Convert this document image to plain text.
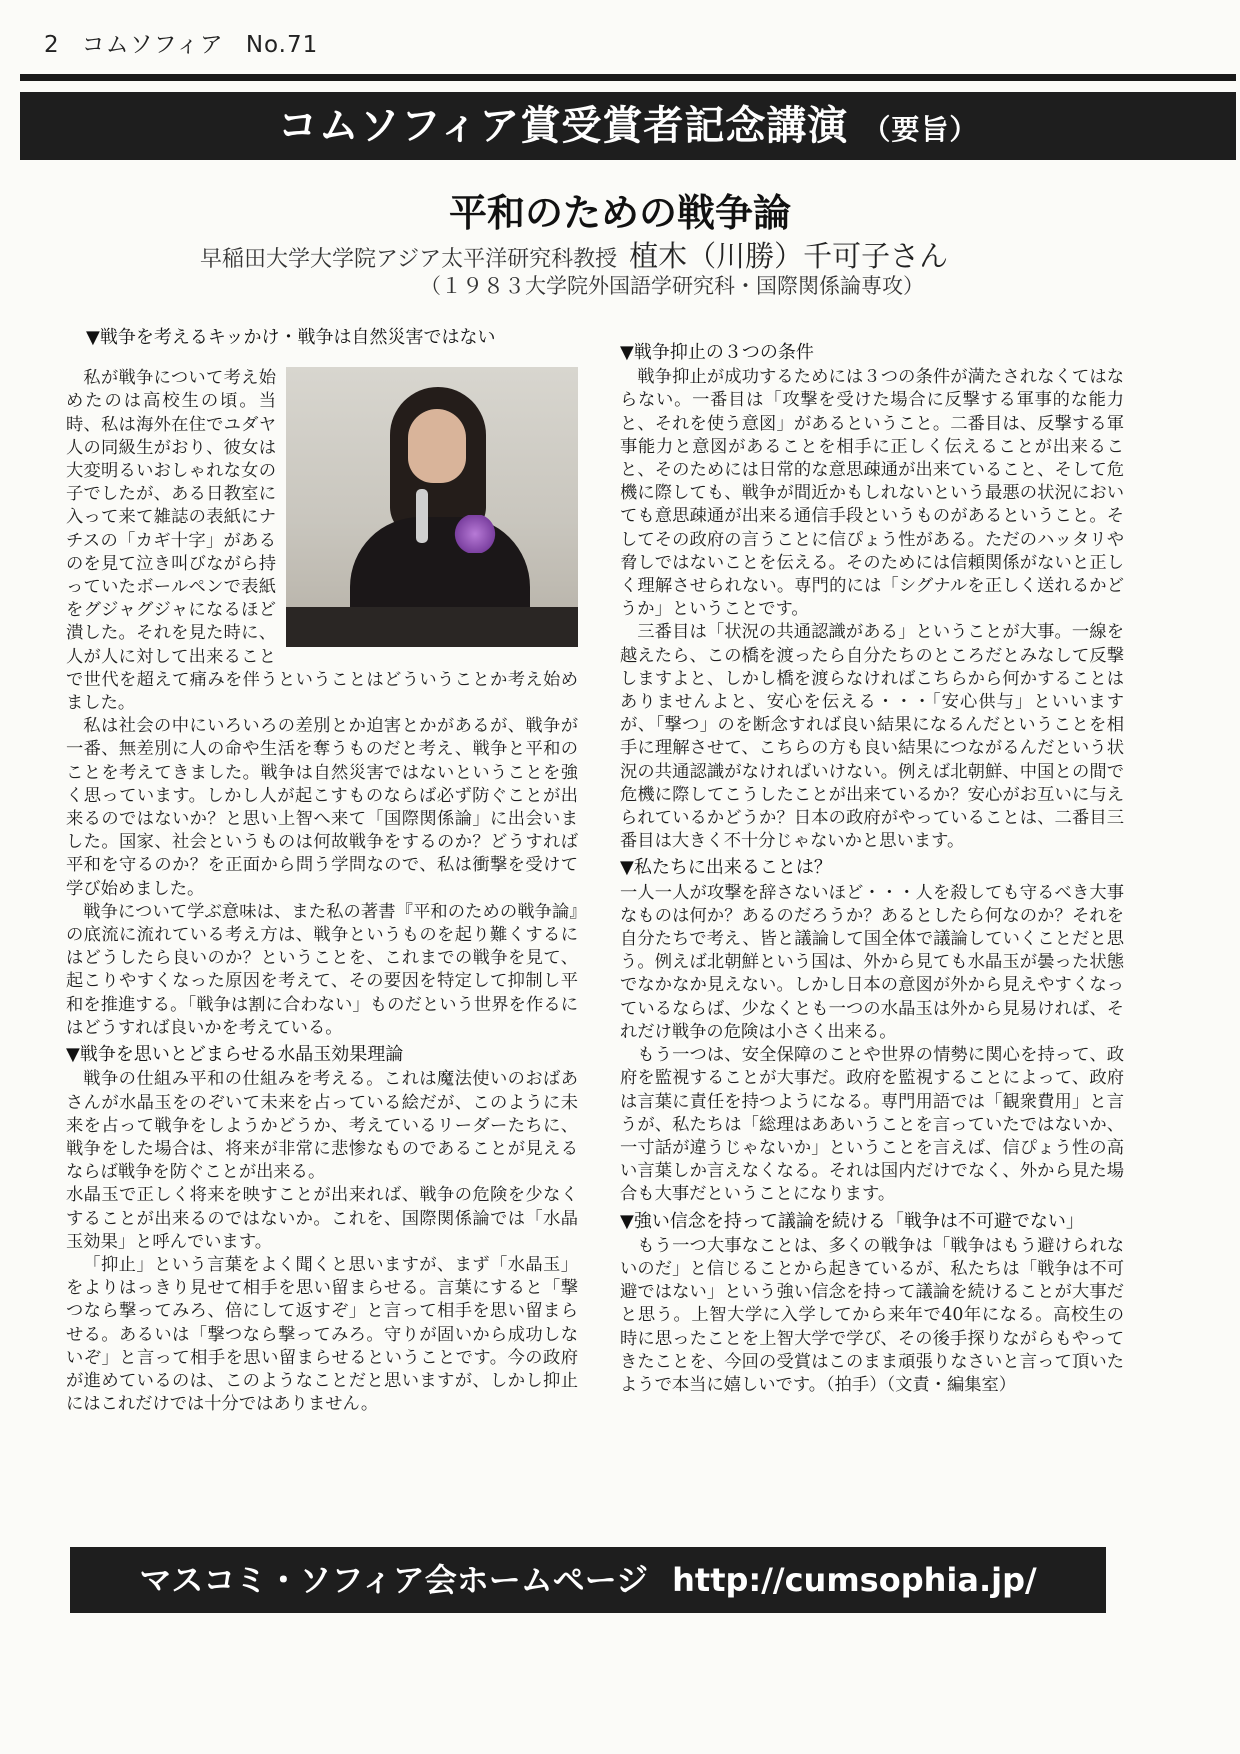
2 コムソフィア No.71
コムソフィア賞受賞者記念講演 （要旨）
平和のための戦争論
早稲田大学大学院アジア太平洋研究科教授 植木（川勝）千可子さん
（１９８３大学院外国語学研究科・国際関係論専攻）
▼戦争を考えるキッかけ・戦争は自然災害ではない

私が戦争について考え始めたのは高校生の頃。当時、私は海外在住でユダヤ人の同級生がおり、彼女は大変明るいおしゃれな女の子でしたが、ある日教室に入って来て雑誌の表紙にナチスの「カギ十字」があるのを見て泣き叫びながら持っていたボールペンで表紙をグジャグジャになるほど潰した。それを見た時に、人が人に対して出来ることで世代を超えて痛みを伴うということはどういうことか考え始めました。

私は社会の中にいろいろの差別とか迫害とかがあるが、戦争が一番、無差別に人の命や生活を奪うものだと考え、戦争と平和のことを考えてきました。戦争は自然災害ではないということを強く思っています。しかし人が起こすものならば必ず防ぐことが出来るのではないか？と思い上智へ来て「国際関係論」に出会いました。国家、社会というものは何故戦争をするのか？どうすれば平和を守るのか？を正面から問う学問なので、私は衝撃を受けて学び始めました。

戦争について学ぶ意味は、また私の著書『平和のための戦争論』の底流に流れている考え方は、戦争というものを起り難くするにはどうしたら良いのか？ということを、これまでの戦争を見て、起こりやすくなった原因を考えて、その要因を特定して抑制し平和を推進する。「戦争は割に合わない」ものだという世界を作るにはどうすれば良いかを考えている。

▼戦争を思いとどまらせる水晶玉効果理論

戦争の仕組み平和の仕組みを考える。これは魔法使いのおばあさんが水晶玉をのぞいて未来を占っている絵だが、このように未来を占って戦争をしようかどうか、考えているリーダーたちに、戦争をした場合は、将来が非常に悲惨なものであることが見えるならば戦争を防ぐことが出来る。

水晶玉で正しく将来を映すことが出来れば、戦争の危険を少なくすることが出来るのではないか。これを、国際関係論では「水晶玉効果」と呼んでいます。

「抑止」という言葉をよく聞くと思いますが、まず「水晶玉」をよりはっきり見せて相手を思い留まらせる。言葉にすると「撃つなら撃ってみろ、倍にして返すぞ」と言って相手を思い留まらせる。あるいは「撃つなら撃ってみろ。守りが固いから成功しないぞ」と言って相手を思い留まらせるということです。今の政府が進めているのは、このようなことだと思いますが、しかし抑止にはこれだけでは十分ではありません。

▼戦争抑止の３つの条件

戦争抑止が成功するためには３つの条件が満たされなくてはならない。一番目は「攻撃を受けた場合に反撃する軍事的な能力と、それを使う意図」があるということ。二番目は、反撃する軍事能力と意図があることを相手に正しく伝えることが出来ること、そのためには日常的な意思疎通が出来ていること、そして危機に際しても、戦争が間近かもしれないという最悪の状況においても意思疎通が出来る通信手段というものがあるということ。そしてその政府の言うことに信ぴょう性がある。ただのハッタリや脅しではないことを伝える。そのためには信頼関係がないと正しく理解させられない。専門的には「シグナルを正しく送れるかどうか」ということです。

三番目は「状況の共通認識がある」ということが大事。一線を越えたら、この橋を渡ったら自分たちのところだとみなして反撃しますよと、しかし橋を渡らなければこちらから何かすることはありませんよと、安心を伝える・・・「安心供与」といいますが、「撃つ」のを断念すれば良い結果になるんだということを相手に理解させて、こちらの方も良い結果につながるんだという状況の共通認識がなければいけない。例えば北朝鮮、中国との間で危機に際してこうしたことが出来ているか？安心がお互いに与えられているかどうか？日本の政府がやっていることは、二番目三番目は大きく不十分じゃないかと思います。

▼私たちに出来ることは？

一人一人が攻撃を辞さないほど・・・人を殺しても守るべき大事なものは何か？あるのだろうか？あるとしたら何なのか？それを自分たちで考え、皆と議論して国全体で議論していくことだと思う。例えば北朝鮮という国は、外から見ても水晶玉が曇った状態でなかなか見えない。しかし日本の意図が外から見えやすくなっているならば、少なくとも一つの水晶玉は外から見易ければ、それだけ戦争の危険は小さく出来る。

もう一つは、安全保障のことや世界の情勢に関心を持って、政府を監視することが大事だ。政府を監視することによって、政府は言葉に責任を持つようになる。専門用語では「観衆費用」と言うが、私たちは「総理はああいうことを言っていたではないか、一寸話が違うじゃないか」ということを言えば、信ぴょう性の高い言葉しか言えなくなる。それは国内だけでなく、外から見た場合も大事だということになります。

▼強い信念を持って議論を続ける「戦争は不可避でない」

もう一つ大事なことは、多くの戦争は「戦争はもう避けられないのだ」と信じることから起きているが、私たちは「戦争は不可避ではない」という強い信念を持って議論を続けることが大事だと思う。上智大学に入学してから来年で40年になる。高校生の時に思ったことを上智大学で学び、その後手探りながらもやってきたことを、今回の受賞はこのまま頑張りなさいと言って頂いたようで本当に嬉しいです。（拍手）（文責・編集室）

マスコミ・ソフィア会ホームページ http://cumsophia.jp/
